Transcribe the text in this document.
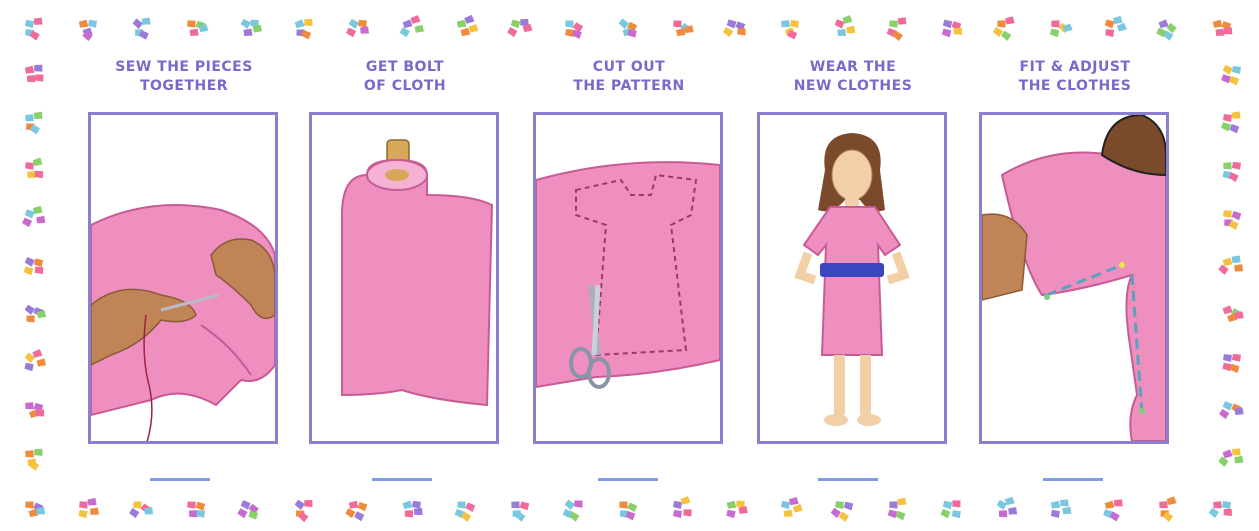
SEW THE PIECES
TOGETHER
GET BOLT
OF CLOTH
CUT OUT
THE PATTERN
WEAR THE
NEW CLOTHES
FIT & ADJUST
THE CLOTHES
